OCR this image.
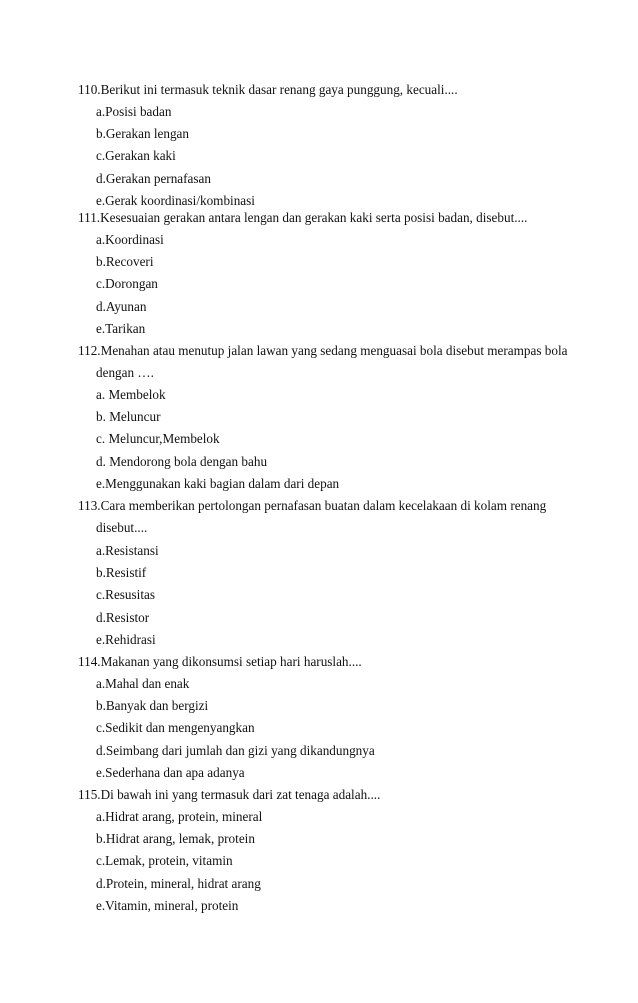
110.Berikut ini termasuk teknik dasar renang gaya punggung, kecuali....
a.Posisi badan
b.Gerakan lengan
c.Gerakan kaki
d.Gerakan pernafasan
e.Gerak koordinasi/kombinasi
111.Kesesuaian gerakan antara lengan dan gerakan kaki serta posisi badan, disebut....
a.Koordinasi
b.Recoveri
c.Dorongan
d.Ayunan
e.Tarikan
112.Menahan atau menutup jalan lawan yang sedang menguasai bola disebut merampas bola
dengan ….
a. Membelok
b. Meluncur
c. Meluncur,Membelok
d. Mendorong bola dengan bahu
e.Menggunakan kaki bagian dalam dari depan
113.Cara memberikan pertolongan pernafasan buatan dalam kecelakaan di kolam renang
disebut....
a.Resistansi
b.Resistif
c.Resusitas
d.Resistor
e.Rehidrasi
114.Makanan yang dikonsumsi setiap hari haruslah....
a.Mahal dan enak
b.Banyak dan bergizi
c.Sedikit dan mengenyangkan
d.Seimbang dari jumlah dan gizi yang dikandungnya
e.Sederhana dan apa adanya
115.Di bawah ini yang termasuk dari zat tenaga adalah....
a.Hidrat arang, protein, mineral
b.Hidrat arang, lemak, protein
c.Lemak, protein, vitamin
d.Protein, mineral, hidrat arang
e.Vitamin, mineral, protein
